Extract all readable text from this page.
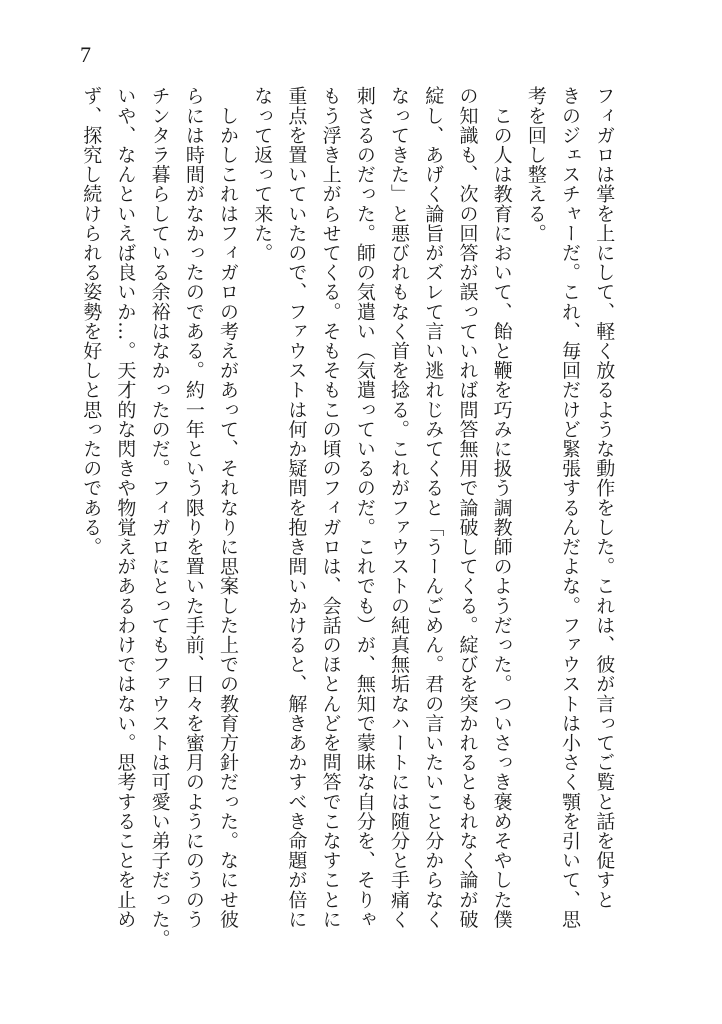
7
フィガロは掌を上にして、軽く放るような動作をした。これは、彼が言ってご覧と話を促すと
きのジェスチャーだ。これ、毎回だけど緊張するんだよな。ファウストは小さく顎を引いて、思
考を回し整える。
　この人は教育において、飴と鞭を巧みに扱う調教師のようだった。ついさっき褒めそやした僕
の知識も、次の回答が誤っていれば問答無用で論破してくる。綻びを突かれるともれなく論が破
綻し、あげく論旨がズレて言い逃れじみてくると「うーんごめん。君の言いたいこと分からなく
なってきた」と悪びれもなく首を捻る。これがファウストの純真無垢なハートには随分と手痛く
刺さるのだった。師の気遣い（気遣っているのだ。これでも）が、無知で蒙昧な自分を、そりゃ
もう浮き上がらせてくる。そもそもこの頃のフィガロは、会話のほとんどを問答でこなすことに
重点を置いていたので、ファウストは何か疑問を抱き問いかけると、解きあかすべき命題が倍に
なって返って来た。
　しかしこれはフィガロの考えがあって、それなりに思案した上での教育方針だった。なにせ彼
らには時間がなかったのである。約一年という限りを置いた手前、日々を蜜月のようにのうのう
チンタラ暮らしている余裕はなかったのだ。フィガロにとってもファウストは可愛い弟子だった。
いや、なんといえば良いか…。天才的な閃きや物覚えがあるわけではない。思考することを止め
ず、探究し続けられる姿勢を好しと思ったのである。
